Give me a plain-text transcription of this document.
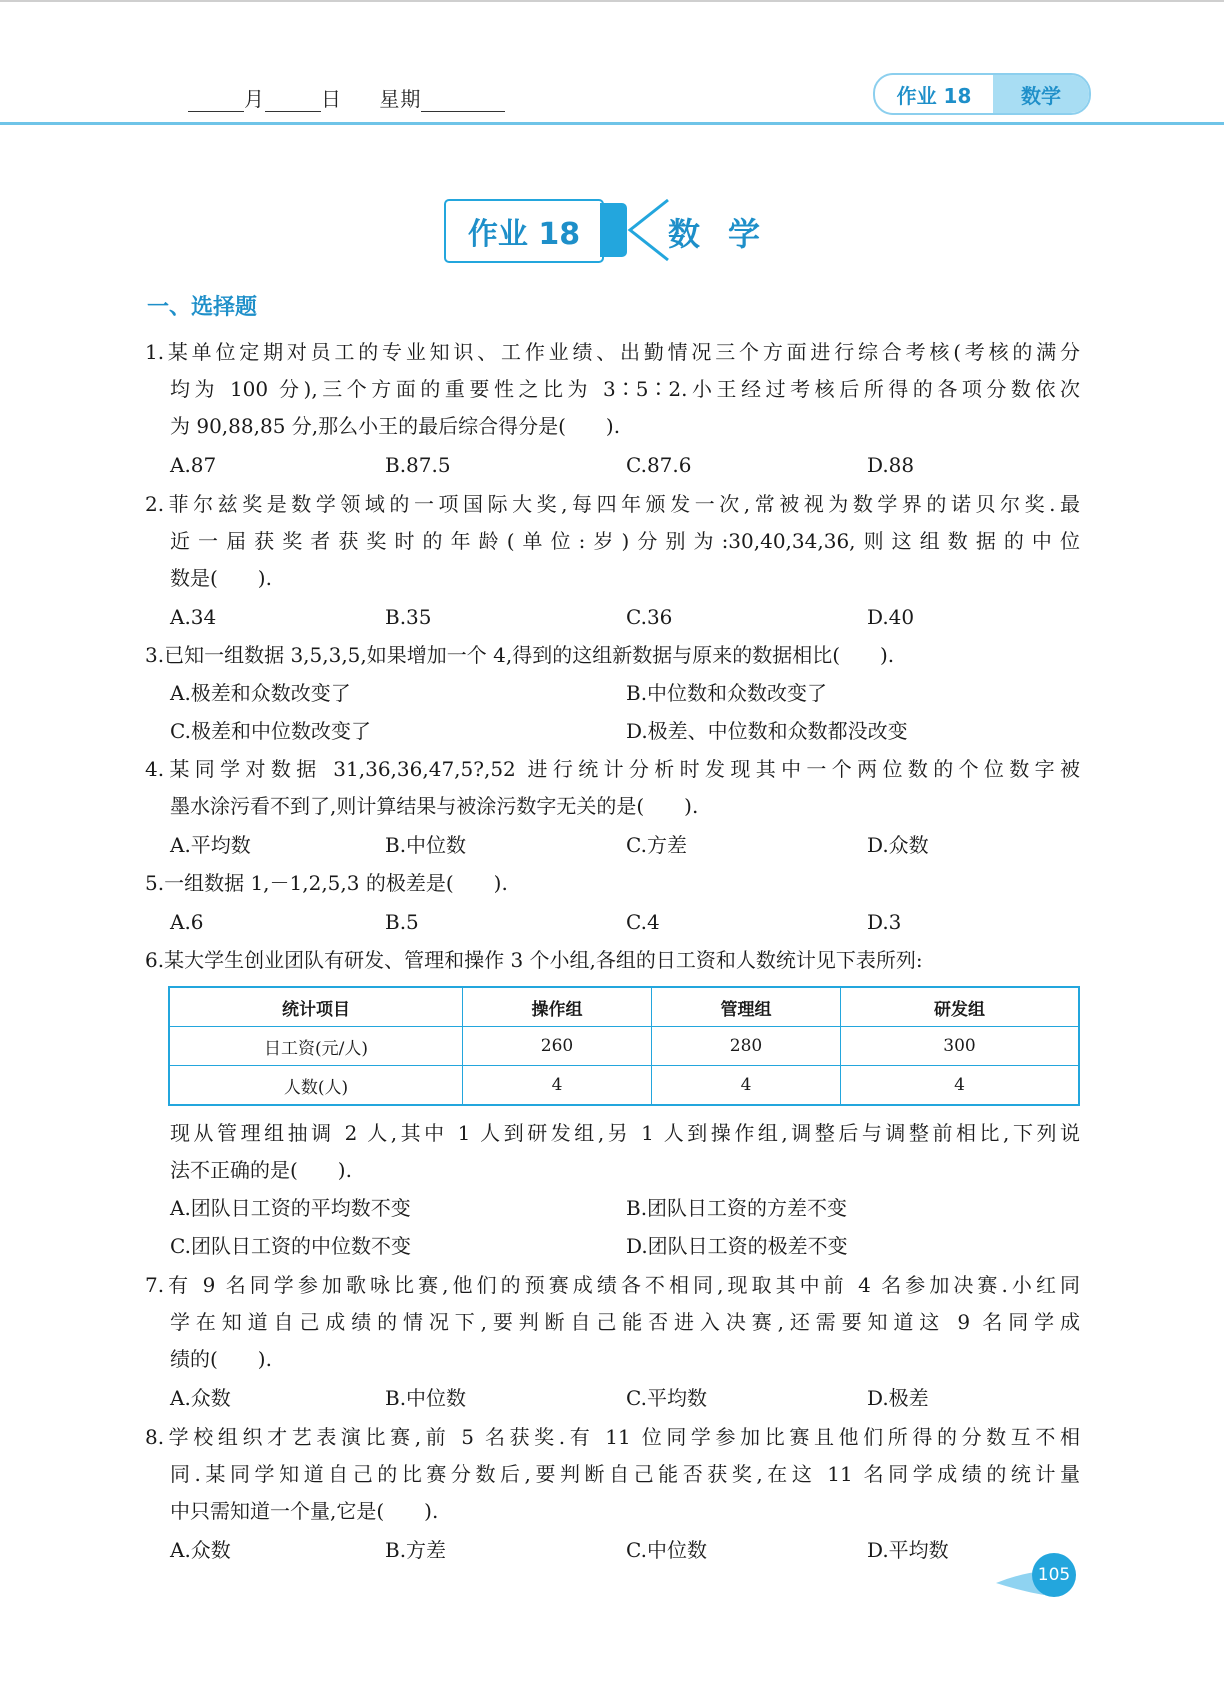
月	日 星期	作业 18	数学
作业 18	数学
一、选择题
1.某单位定期对员工的专业知识、工作业绩、出勤情况三个方面进行综合考核(考核的满分
均为 100 分),三个方面的重要性之比为 3∶5∶2.小王经过考核后所得的各项分数依次
为 90,88,85 分,那么小王的最后综合得分是(　　).
A.87	B.87.5	C.87.6	D.88
2.菲尔兹奖是数学领域的一项国际大奖,每四年颁发一次,常被视为数学界的诺贝尔奖.最
近一届获奖者获奖时的年龄(单位:岁)分别为:30,40,34,36,则这组数据的中位
数是(　　).
A.34	B.35	C.36	D.40
3.已知一组数据 3,5,3,5,如果增加一个 4,得到的这组新数据与原来的数据相比(　　).
A.极差和众数改变了	B.中位数和众数改变了
C.极差和中位数改变了	D.极差、中位数和众数都没改变
4.某同学对数据 31,36,36,47,5?,52 进行统计分析时发现其中一个两位数的个位数字被
墨水涂污看不到了,则计算结果与被涂污数字无关的是(　　).
A.平均数	B.中位数	C.方差	D.众数
5.一组数据 1,－1,2,5,3 的极差是(　　).
A.6	B.5	C.4	D.3
6.某大学生创业团队有研发、管理和操作 3 个小组,各组的日工资和人数统计见下表所列:
统计项目	操作组	管理组	研发组
日工资(元/人)	260	280	300
人数(人)	4	4	4
现从管理组抽调 2 人,其中 1 人到研发组,另 1 人到操作组,调整后与调整前相比,下列说
法不正确的是(　　).
A.团队日工资的平均数不变	B.团队日工资的方差不变
C.团队日工资的中位数不变	D.团队日工资的极差不变
7.有 9 名同学参加歌咏比赛,他们的预赛成绩各不相同,现取其中前 4 名参加决赛.小红同
学在知道自己成绩的情况下,要判断自己能否进入决赛,还需要知道这 9 名同学成
绩的(　　).
A.众数	B.中位数	C.平均数	D.极差
8.学校组织才艺表演比赛,前 5 名获奖.有 11 位同学参加比赛且他们所得的分数互不相
同.某同学知道自己的比赛分数后,要判断自己能否获奖,在这 11 名同学成绩的统计量
中只需知道一个量,它是(　　).
A.众数	B.方差	C.中位数	D.平均数
105
